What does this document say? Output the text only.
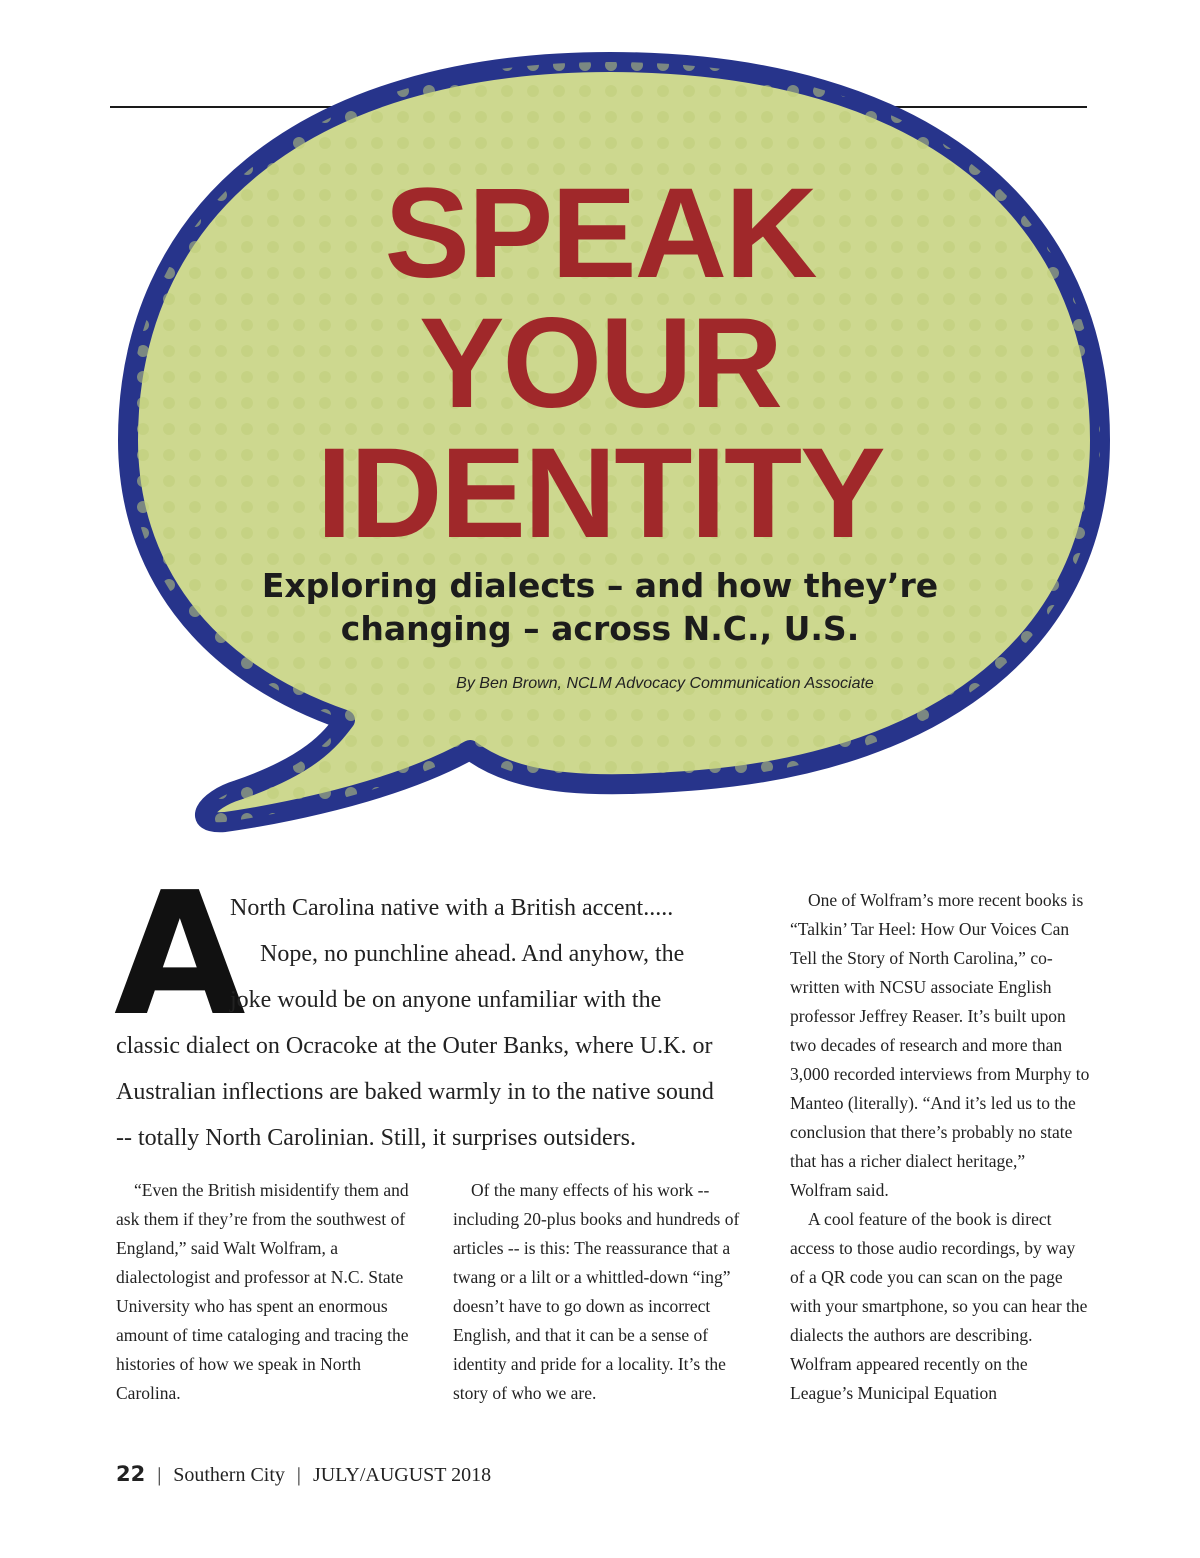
SPEAK
YOUR
IDENTITY
Exploring dialects – and how they’re
changing – across N.C., U.S.
By Ben Brown, NCLM Advocacy Communication Associate
A
North Carolina native with a British accent.....
Nope, no punchline ahead. And anyhow, the
joke would be on anyone unfamiliar with the
classic dialect on Ocracoke at the Outer Banks, where U.K. or
Australian inflections are baked warmly in to the native sound
-- totally North Carolinian. Still, it surprises outsiders.

“Even the British misidentify them and ask them if they’re from the southwest of England,” said Walt Wolfram, a dialectologist and professor at N.C. State University who has spent an enormous amount of time cataloging and tracing the histories of how we speak in North Carolina.

Of the many effects of his work -- including 20-plus books and hundreds of articles -- is this: The reassurance that a twang or a lilt or a whittled-down “ing” doesn’t have to go down as incorrect English, and that it can be a sense of identity and pride for a locality. It’s the story of who we are.

One of Wolfram’s more recent books is “Talkin’ Tar Heel: How Our Voices Can Tell the Story of North Carolina,” co-written with NCSU associate English professor Jeffrey Reaser. It’s built upon two decades of research and more than 3,000 recorded interviews from Murphy to Manteo (literally). “And it’s led us to the conclusion that there’s probably no state that has a richer dialect heritage,” Wolfram said.

A cool feature of the book is direct access to those audio recordings, by way of a QR code you can scan on the page with your smartphone, so you can hear the dialects the authors are describing. Wolfram appeared recently on the League’s Municipal Equation

22 | Southern City | JULY/AUGUST 2018
